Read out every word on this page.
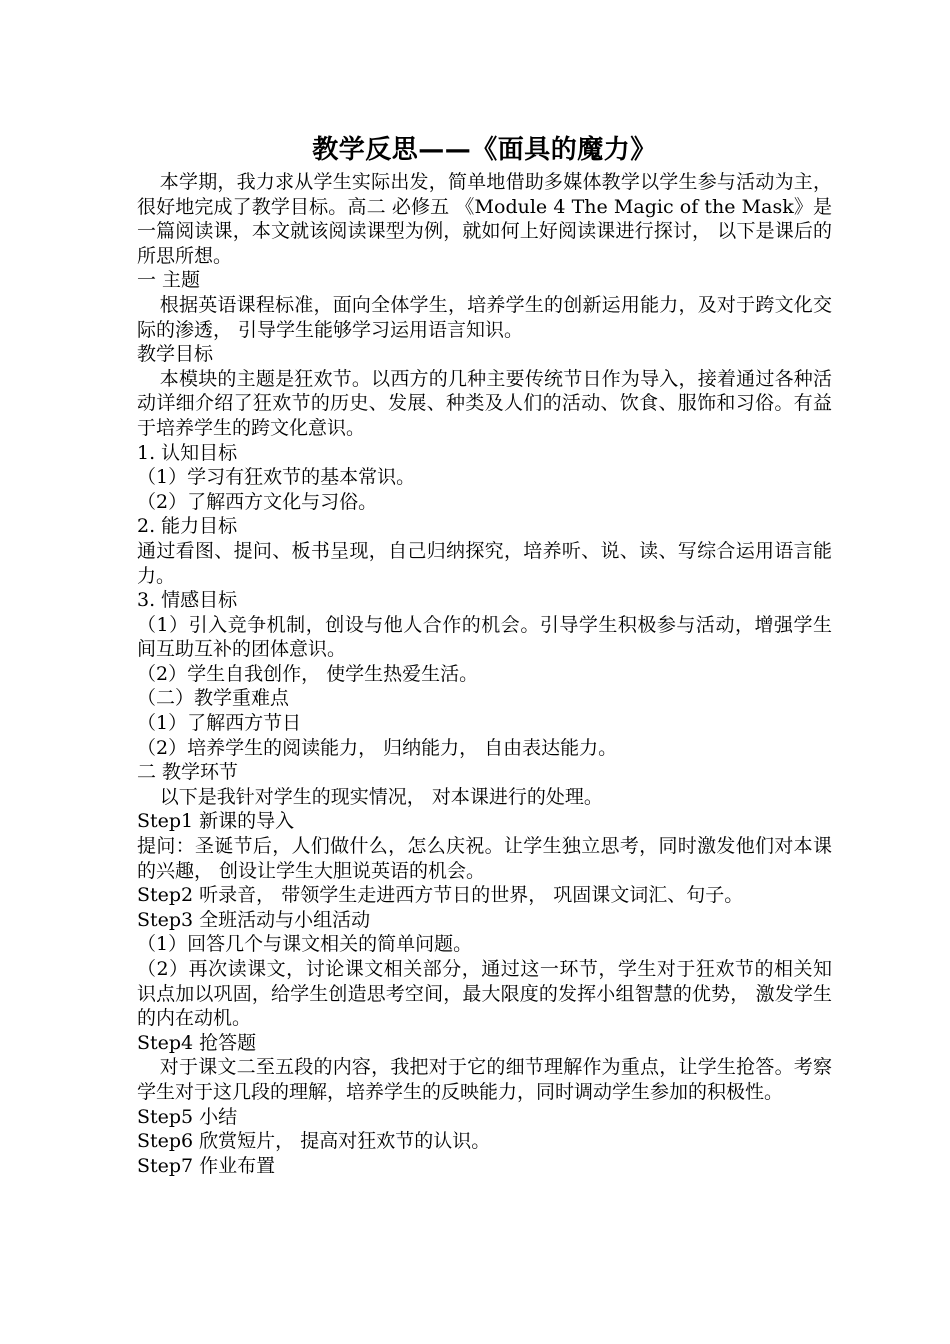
教学反思——《面具的魔力》

本学期，我力求从学生实际出发，简单地借助多媒体教学以学生参与活动为主， 很好地完成了教学目标。高二 必修五 《Module 4 The Magic of the Mask》是一篇阅读课，本文就该阅读课型为例，就如何上好阅读课进行探讨， 以下是课后的所思所想。

一 主题

根据英语课程标准，面向全体学生，培养学生的创新运用能力，及对于跨文化交际的渗透， 引导学生能够学习运用语言知识。

教学目标

本模块的主题是狂欢节。以西方的几种主要传统节日作为导入，接着通过各种活动详细介绍了狂欢节的历史、发展、种类及人们的活动、饮食、服饰和习俗。有益于培养学生的跨文化意识。

1. 认知目标

（1）学习有狂欢节的基本常识。

（2）了解西方文化与习俗。

2. 能力目标

通过看图、提问、板书呈现，自己归纳探究，培养听、说、读、写综合运用语言能力。

3. 情感目标

（1）引入竞争机制，创设与他人合作的机会。引导学生积极参与活动，增强学生间互助互补的团体意识。

（2）学生自我创作， 使学生热爱生活。

（二）教学重难点

（1）了解西方节日

（2）培养学生的阅读能力， 归纳能力， 自由表达能力。

二 教学环节

以下是我针对学生的现实情况， 对本课进行的处理。

Step1 新课的导入

提问：圣诞节后，人们做什么，怎么庆祝。让学生独立思考，同时激发他们对本课的兴趣， 创设让学生大胆说英语的机会。

Step2 听录音， 带领学生走进西方节日的世界， 巩固课文词汇、句子。

Step3 全班活动与小组活动

（1）回答几个与课文相关的简单问题。

（2）再次读课文，讨论课文相关部分，通过这一环节，学生对于狂欢节的相关知识点加以巩固，给学生创造思考空间，最大限度的发挥小组智慧的优势， 激发学生的内在动机。

Step4 抢答题

对于课文二至五段的内容，我把对于它的细节理解作为重点，让学生抢答。考察学生对于这几段的理解，培养学生的反映能力，同时调动学生参加的积极性。

Step5 小结

Step6 欣赏短片， 提高对狂欢节的认识。

Step7 作业布置
